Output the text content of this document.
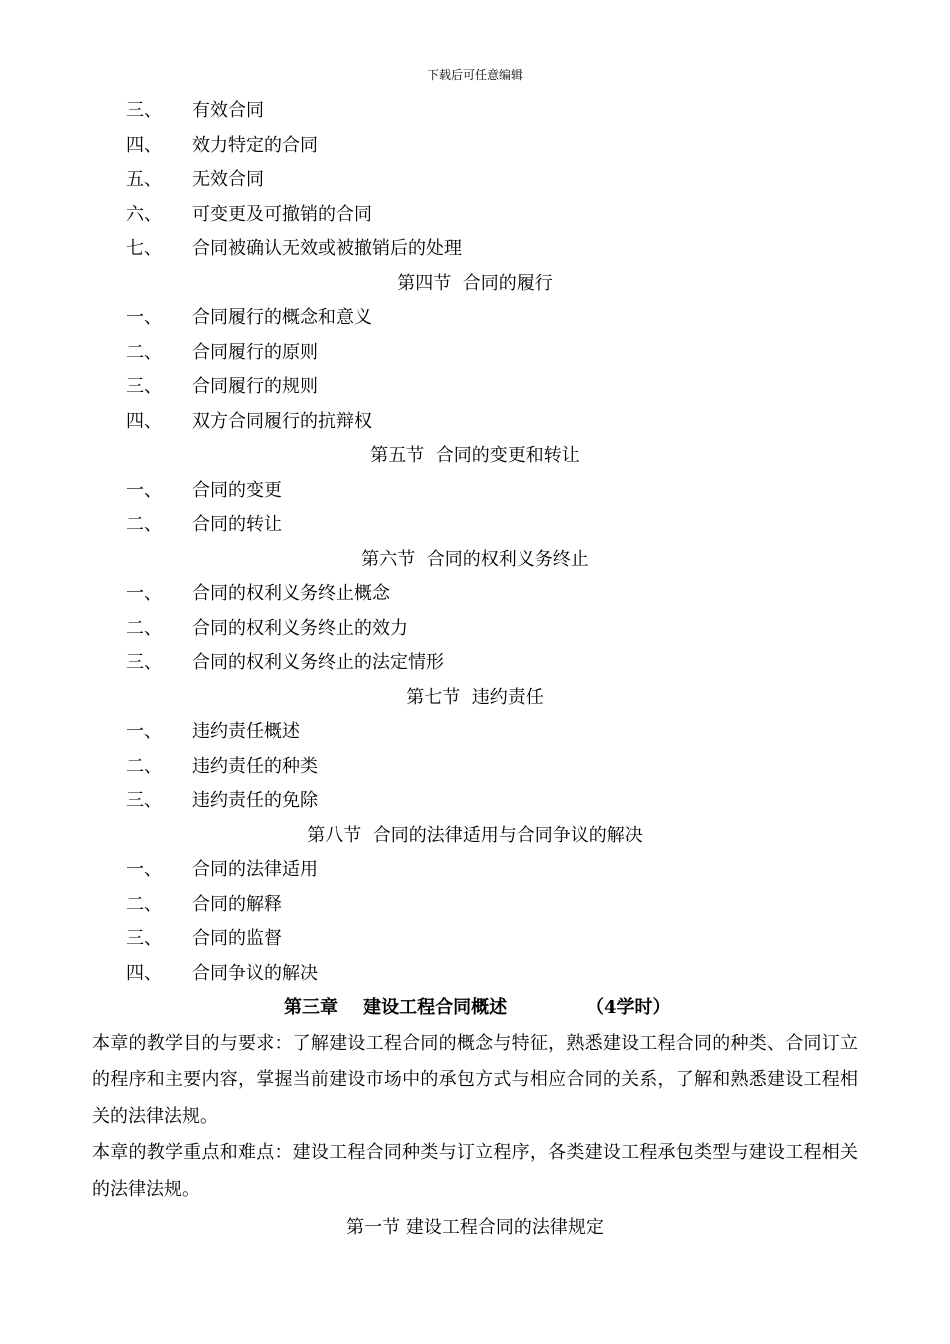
下载后可任意编辑
三、 有效合同
四、 效力特定的合同
五、 无效合同
六、 可变更及可撤销的合同
七、 合同被确认无效或被撤销后的处理
第四节  合同的履行
一、 合同履行的概念和意义
二、 合同履行的原则
三、 合同履行的规则
四、 双方合同履行的抗辩权
第五节  合同的变更和转让
一、 合同的变更
二、 合同的转让
第六节  合同的权利义务终止
一、 合同的权利义务终止概念
二、 合同的权利义务终止的效力
三、 合同的权利义务终止的法定情形
第七节  违约责任
一、 违约责任概述
二、 违约责任的种类
三、 违约责任的免除
第八节  合同的法律适用与合同争议的解决
一、 合同的法律适用
二、 合同的解释
三、 合同的监督
四、 合同争议的解决
第三章    建设工程合同概述	（4学时）

本章的教学目的与要求：了解建设工程合同的概念与特征，熟悉建设工程合同的种类、合同订立的程序和主要内容，掌握当前建设市场中的承包方式与相应合同的关系，了解和熟悉建设工程相关的法律法规。

本章的教学重点和难点：建设工程合同种类与订立程序，各类建设工程承包类型与建设工程相关的法律法规。

第一节 建设工程合同的法律规定
